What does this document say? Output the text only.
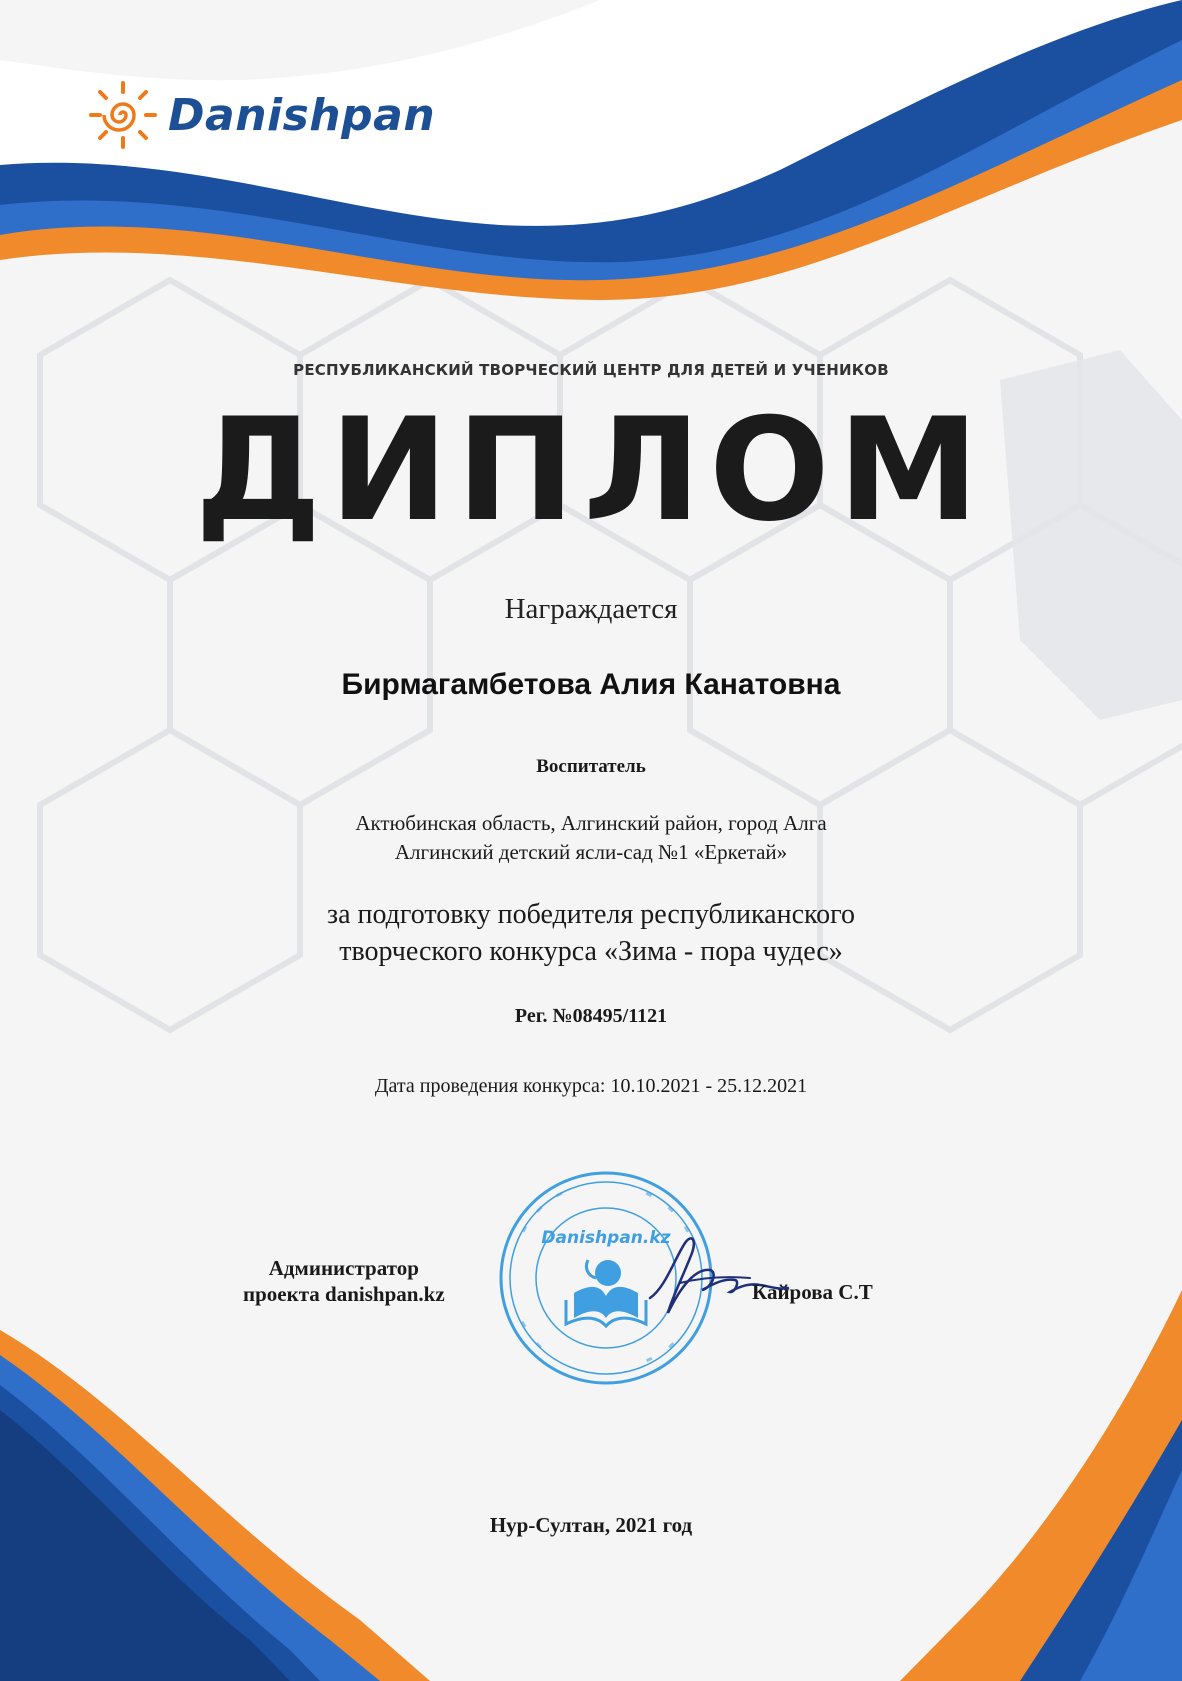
Danishpan
РЕСПУБЛИКАНСКИЙ ТВОРЧЕСКИЙ ЦЕНТР ДЛЯ ДЕТЕЙ И УЧЕНИКОВ
ДИПЛОМ
Награждается
Бирмагамбетова Алия Канатовна
Воспитатель
Актюбинская область, Алгинский район, город Алга
Алгинский детский ясли-сад №1 «Еркетай»
за подготовку победителя республиканского
творческого конкурса «Зима - пора чудес»
Рег. №08495/1121
Дата проведения конкурса: 10.10.2021 - 25.12.2021
Администратор
проекта danishpan.kz
Danishpan.kz
Кайрова С.Т
Нур-Султан, 2021 год
